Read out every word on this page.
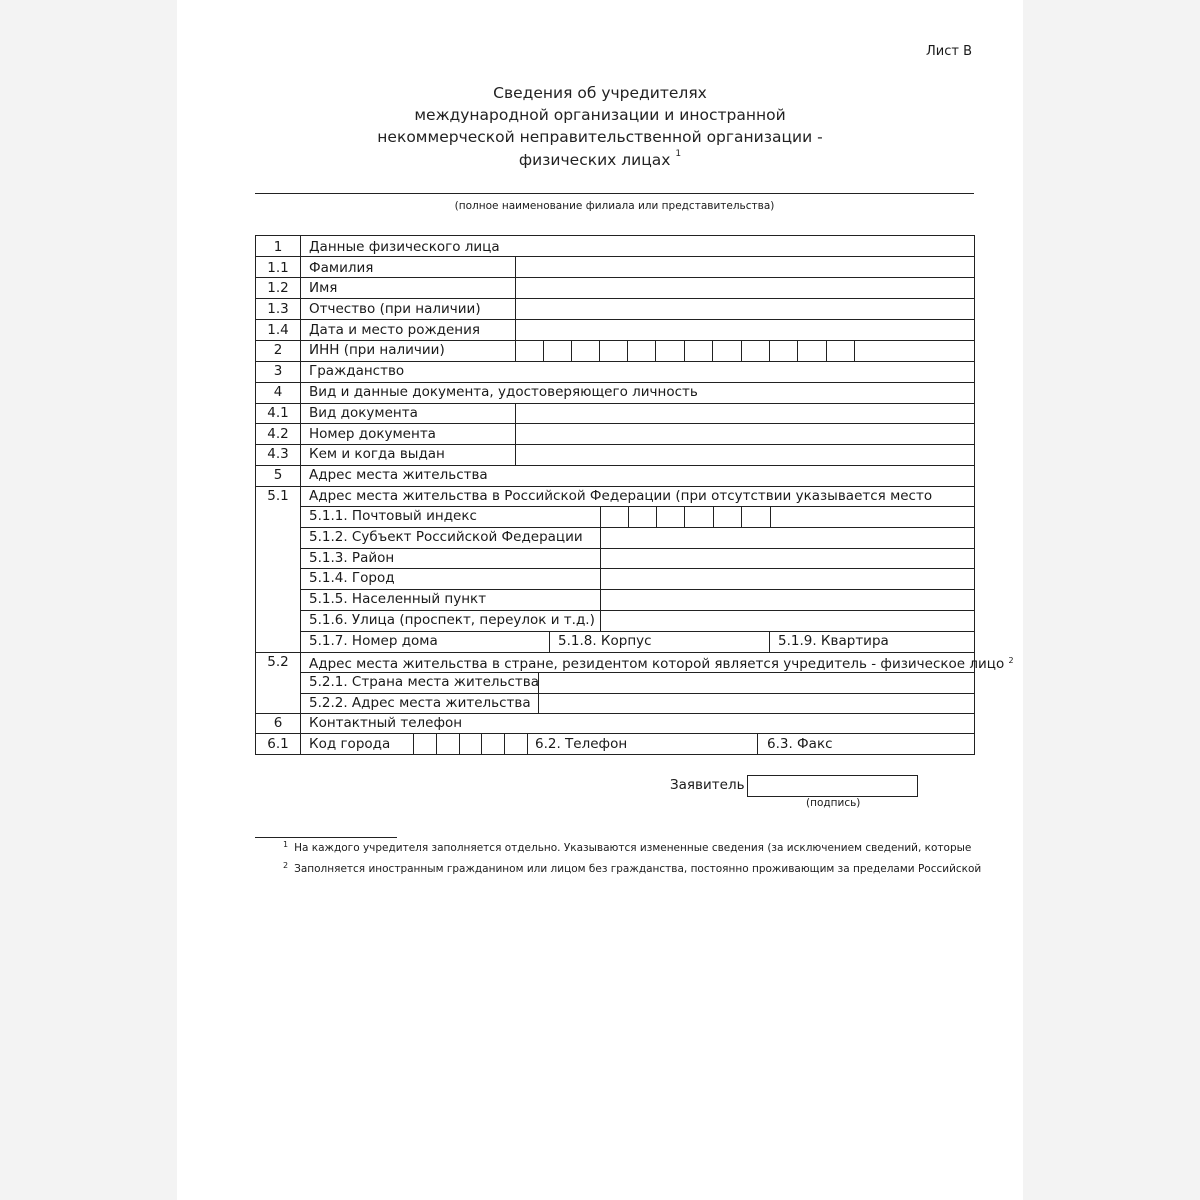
Лист В
Сведения об учредителях
международной организации и иностранной
некоммерческой неправительственной организации -
физических лицах $^1$
(полное наименование филиала или представительства)
1	Данные физического лица
1.1	Фамилия
1.2	Имя
1.3	Отчество (при наличии)
1.4	Дата и место рождения
2	ИНН (при наличии)
3	Гражданство
4	Вид и данные документа, удостоверяющего личность
4.1	Вид документа
4.2	Номер документа
4.3	Кем и когда выдан
5	Адрес места жительства
5.1	Адрес места жительства в Российской Федерации (при отсутствии указывается место
5.1.1. Почтовый индекс
5.1.2. Субъект Российской Федерации
5.1.3. Район
5.1.4. Город
5.1.5. Населенный пункт
5.1.6. Улица (проспект, переулок и т.д.)
5.1.7. Номер дома	5.1.8. Корпус	5.1.9. Квартира
5.2	Адрес места жительства в стране, резидентом которой является учредитель - физическое лицо $^2$
5.2.1. Страна места жительства
5.2.2. Адрес места жительства
6	Контактный телефон
6.1	Код города	6.2. Телефон	6.3. Факс
Заявитель
(подпись)
$^1$ На каждого учредителя заполняется отдельно. Указываются измененные сведения (за исключением сведений, которые
$^2$ Заполняется иностранным гражданином или лицом без гражданства, постоянно проживающим за пределами Российской
